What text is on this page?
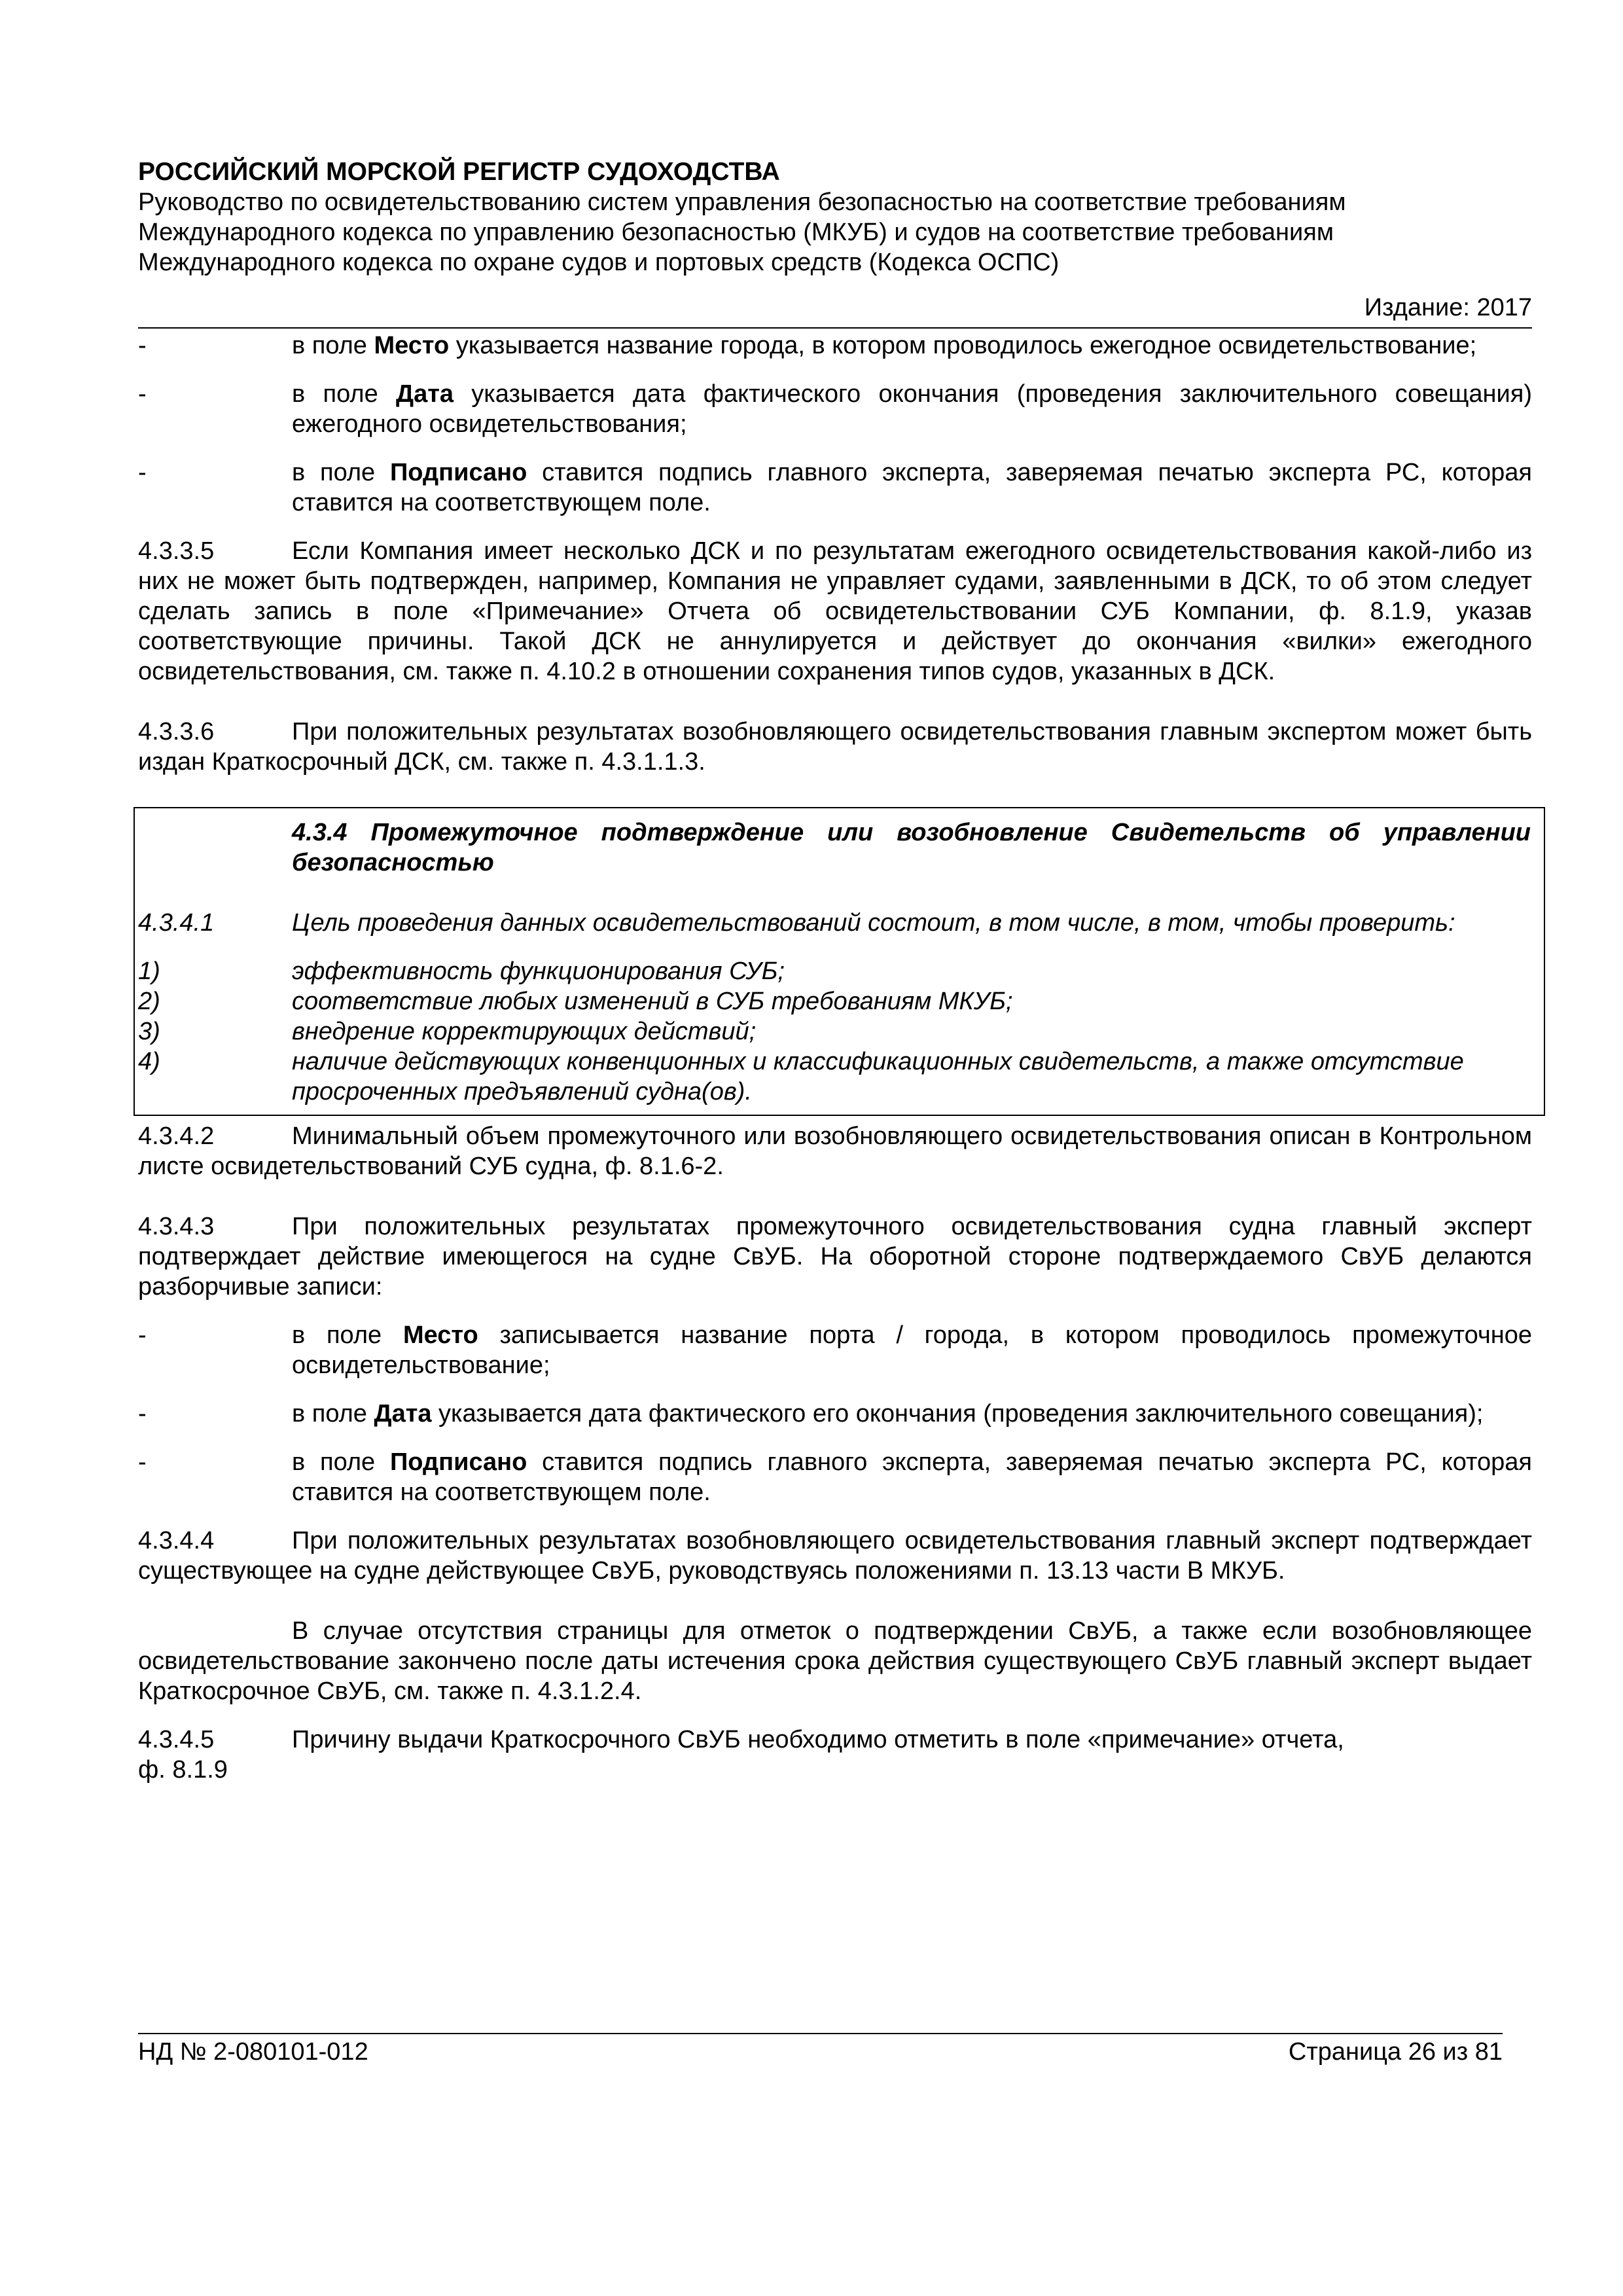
РОССИЙСКИЙ МОРСКОЙ РЕГИСТР СУДОХОДСТВА

Руководство по освидетельствованию систем управления безопасностью на соответствие требованиям

Международного кодекса по управлению безопасностью (МКУБ) и судов на соответствие требованиям

Международного кодекса по охране судов и портовых средств (Кодекса ОСПС)

Издание: 2017
-	в поле Место указывается название города, в котором проводилось ежегодное освидетельствование;
-	в поле Дата указывается дата фактического окончания (проведения заключительного совещания) ежегодного освидетельствования;
-	в поле Подписано ставится подпись главного эксперта, заверяемая печатью эксперта РС, которая ставится на соответствующем поле.
4.3.3.5	Если Компания имеет несколько ДСК и по результатам ежегодного освидетельствования какой-либо из них не может быть подтвержден, например, Компания не управляет судами, заявленными в ДСК, то об этом следует сделать запись в поле «Примечание» Отчета об освидетельствовании СУБ Компании, ф. 8.1.9, указав соответствующие причины. Такой ДСК не аннулируется и действует до окончания «вилки» ежегодного освидетельствования, см. также п. 4.10.2 в отношении сохранения типов судов, указанных в ДСК.
4.3.3.6	При положительных результатах возобновляющего освидетельствования главным экспертом может быть издан Краткосрочный ДСК, см. также п. 4.3.1.1.3.
4.3.4 Промежуточное подтверждение или возобновление Свидетельств об управлении безопасностью
4.3.4.1	Цель проведения данных освидетельствований состоит, в том числе, в том, чтобы проверить:
1)	эффективность функционирования СУБ;
2)	соответствие любых изменений в СУБ требованиям МКУБ;
3)	внедрение корректирующих действий;
4)	наличие действующих конвенционных и классификационных свидетельств, а также отсутствие просроченных предъявлений судна(ов).
4.3.4.2	Минимальный объем промежуточного или возобновляющего освидетельствования описан в Контрольном листе освидетельствований СУБ судна, ф. 8.1.6-2.
4.3.4.3	При положительных результатах промежуточного освидетельствования судна главный эксперт подтверждает действие имеющегося на судне СвУБ. На оборотной стороне подтверждаемого СвУБ делаются разборчивые записи:
-	в поле Место записывается название порта / города, в котором проводилось промежуточное освидетельствование;
-	в поле Дата указывается дата фактического его окончания (проведения заключительного совещания);
-	в поле Подписано ставится подпись главного эксперта, заверяемая печатью эксперта РС, которая ставится на соответствующем поле.
4.3.4.4	При положительных результатах возобновляющего освидетельствования главный эксперт подтверждает существующее на судне действующее СвУБ, руководствуясь положениями п. 13.13 части В МКУБ.
В случае отсутствия страницы для отметок о подтверждении СвУБ, а также если возобновляющее освидетельствование закончено после даты истечения срока действия существующего СвУБ главный эксперт выдает Краткосрочное СвУБ, см. также п. 4.3.1.2.4.
4.3.4.5	Причину выдачи Краткосрочного СвУБ необходимо отметить в поле «примечание» отчета,
ф. 8.1.9
НД № 2-080101-012	Страница 26 из 81
